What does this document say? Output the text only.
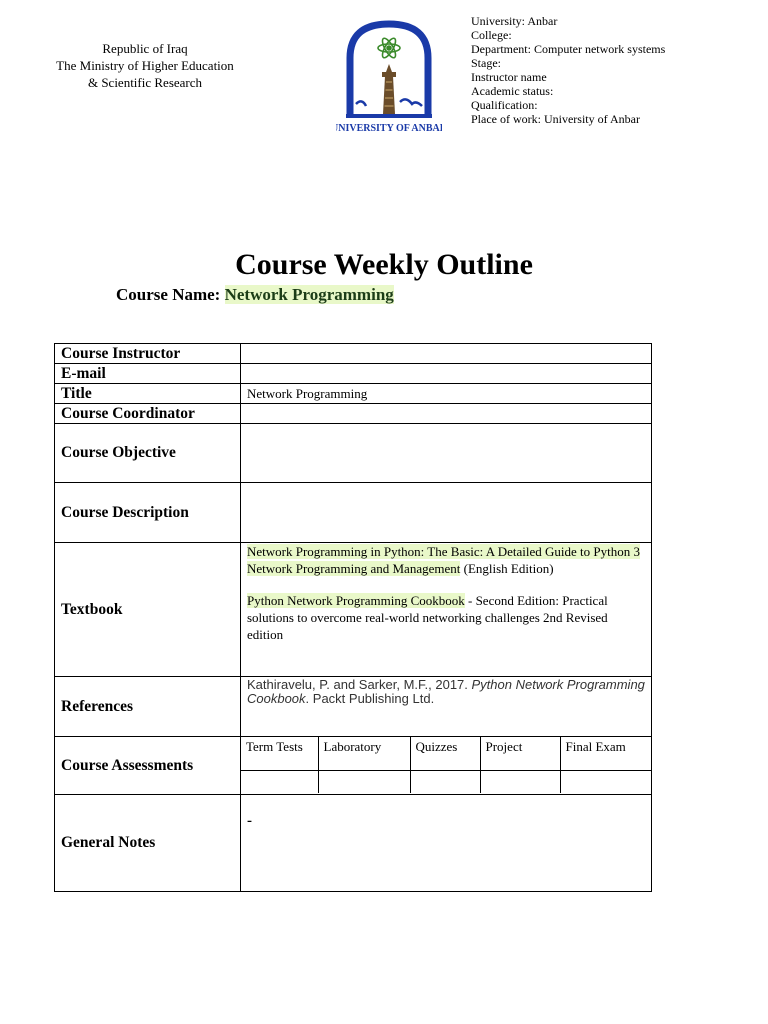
Republic of Iraq
The Ministry of Higher Education
& Scientific Research
UNIVERSITY OF ANBAR
University: Anbar
College:
Department: Computer network systems
Stage:
Instructor name
Academic status:
Qualification:
Place of work: University of Anbar
Course Weekly Outline
Course Name: Network Programming
Course Instructor	
E-mail	
Title	Network Programming
Course Coordinator	
Course Objective	
Course Description	
Textbook	

Network Programming in Python: The Basic: A Detailed Guide to Python 3 Network Programming and Management (English Edition)

Python Network Programming Cookbook - Second Edition: Practical solutions to overcome real-world networking challenges 2nd Revised edition

References	Kathiravelu, P. and Sarker, M.F., 2017. Python Network Programming Cookbook. Packt Publishing Ltd.
Course Assessments	
Term Tests	Laboratory	Quizzes	Project	Final Exam

General Notes	-
